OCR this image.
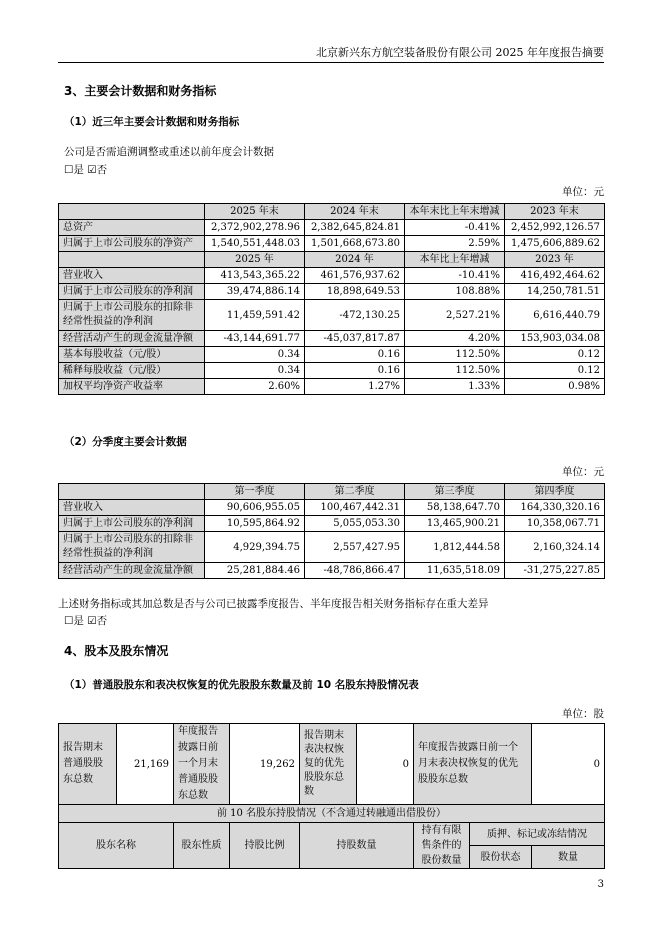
北京新兴东方航空装备股份有限公司 2025 年年度报告摘要
3、主要会计数据和财务指标
（1）近三年主要会计数据和财务指标
公司是否需追溯调整或重述以前年度会计数据
☐是 ☑否
单位：元
	2025 年末	2024 年末	本年末比上年末增减	2023 年末
总资产	2,372,902,278.96	2,382,645,824.81	-0.41%	2,452,992,126.57
归属于上市公司股东的净资产	1,540,551,448.03	1,501,668,673.80	2.59%	1,475,606,889.62
	2025 年	2024 年	本年比上年增减	2023 年
营业收入	413,543,365.22	461,576,937.62	-10.41%	416,492,464.62
归属于上市公司股东的净利润	39,474,886.14	18,898,649.53	108.88%	14,250,781.51
归属于上市公司股东的扣除非经常性损益的净利润	11,459,591.42	-472,130.25	2,527.21%	6,616,440.79
经营活动产生的现金流量净额	-43,144,691.77	-45,037,817.87	4.20%	153,903,034.08
基本每股收益（元/股）	0.34	0.16	112.50%	0.12
稀释每股收益（元/股）	0.34	0.16	112.50%	0.12
加权平均净资产收益率	2.60%	1.27%	1.33%	0.98%
（2）分季度主要会计数据
单位：元
	第一季度	第二季度	第三季度	第四季度
营业收入	90,606,955.05	100,467,442.31	58,138,647.70	164,330,320.16
归属于上市公司股东的净利润	10,595,864.92	5,055,053.30	13,465,900.21	10,358,067.71
归属于上市公司股东的扣除非经常性损益的净利润	4,929,394.75	2,557,427.95	1,812,444.58	2,160,324.14
经营活动产生的现金流量净额	25,281,884.46	-48,786,866.47	11,635,518.09	-31,275,227.85
上述财务指标或其加总数是否与公司已披露季度报告、半年度报告相关财务指标存在重大差异
☐是 ☑否
4、股本及股东情况
（1）普通股股东和表决权恢复的优先股股东数量及前 10 名股东持股情况表
单位：股
报告期末普通股股东总数	21,169	年度报告披露日前一个月末普通股股东总数	19,262	报告期末表决权恢复的优先股股东总数	0	年度报告披露日前一个月末表决权恢复的优先股股东总数		0
前 10 名股东持股情况（不含通过转融通出借股份）								
股东名称		股东性质	持股比例	持股数量		持有有限售条件的股份数量	质押、标记或冻结情况	
							股份状态	数量
3
